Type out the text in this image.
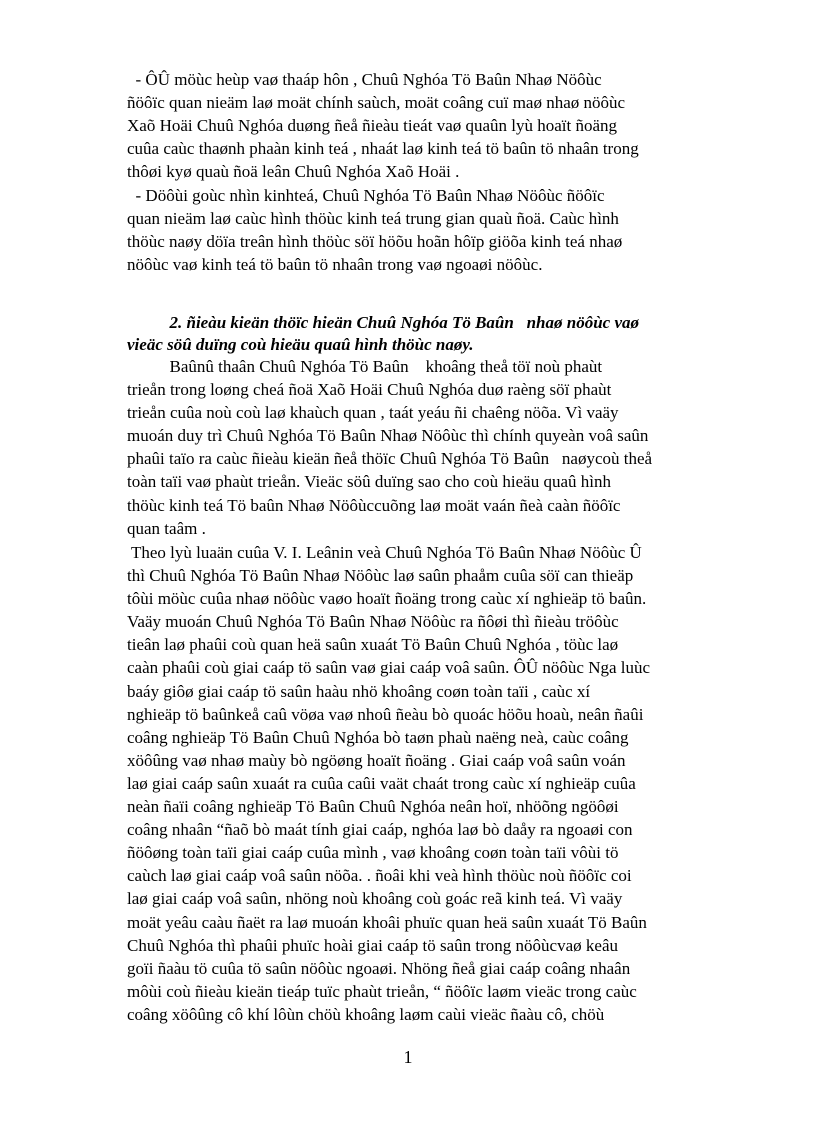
- ÔÛ möùc heùp vaø thaáp hôn , Chuû Nghóa Tö Baûn Nhaø Nöôùc
ñöôïc quan nieäm laø moät chính saùch, moät coâng cuï maø nhaø nöôùc
Xaõ Hoäi Chuû Nghóa duøng ñeå ñieàu tieát vaø quaûn lyù hoaït ñoäng
cuûa caùc thaønh phaàn kinh teá , nhaát laø kinh teá tö baûn tö nhaân trong
thôøi kyø quaù ñoä leân Chuû Nghóa Xaõ Hoäi .

- Döôùi goùc nhìn kinhteá, Chuû Nghóa Tö Baûn Nhaø Nöôùc ñöôïc
quan nieäm laø caùc hình thöùc kinh teá trung gian quaù ñoä. Caùc hình
thöùc naøy döïa treân hình thöùc söï höõu hoãn hôïp giöõa kinh teá nhaø
nöôùc vaø kinh teá tö baûn tö nhaân trong vaø ngoaøi nöôùc.

2. ñieàu kieän thöïc hieän Chuû Nghóa Tö Baûn   nhaø nöôùc vaø
vieäc söû duïng coù hieäu quaû hình thöùc naøy.

Baûnû thaân Chuû Nghóa Tö Baûn    khoâng theå töï noù phaùt
trieån trong loøng cheá ñoä Xaõ Hoäi Chuû Nghóa duø raèng söï phaùt
trieån cuûa noù coù laø khaùch quan , taát yeáu ñi chaêng nöõa. Vì vaäy
muoán duy trì Chuû Nghóa Tö Baûn Nhaø Nöôùc thì chính quyeàn voâ saûn
phaûi taïo ra caùc ñieàu kieän ñeå thöïc Chuû Nghóa Tö Baûn   naøycoù theå
toàn taïi vaø phaùt trieån. Vieäc söû duïng sao cho coù hieäu quaû hình
thöùc kinh teá Tö baûn Nhaø Nöôùccuõng laø moät vaán ñeà caàn ñöôïc
quan taâm .

Theo lyù luaän cuûa V. I. Leânin veà Chuû Nghóa Tö Baûn Nhaø Nöôùc Û
thì Chuû Nghóa Tö Baûn Nhaø Nöôùc laø saûn phaåm cuûa söï can thieäp
tôùi möùc cuûa nhaø nöôùc vaøo hoaït ñoäng trong caùc xí nghieäp tö baûn.
Vaäy muoán Chuû Nghóa Tö Baûn Nhaø Nöôùc ra ñôøi thì ñieàu tröôùc
tieân laø phaûi coù quan heä saûn xuaát Tö Baûn Chuû Nghóa , töùc laø
caàn phaûi coù giai caáp tö saûn vaø giai caáp voâ saûn. ÔÛ nöôùc Nga luùc
baáy giôø giai caáp tö saûn haàu nhö khoâng coøn toàn taïi , caùc xí
nghieäp tö baûnkeå caû vöøa vaø nhoû ñeàu bò quoác höõu hoaù, neân ñaûi
coâng nghieäp Tö Baûn Chuû Nghóa bò taøn phaù naëng neà, caùc coâng
xöôûng vaø nhaø maùy bò ngöøng hoaït ñoäng . Giai caáp voâ saûn voán
laø giai caáp saûn xuaát ra cuûa caûi vaät chaát trong caùc xí nghieäp cuûa
neàn ñaïi coâng nghieäp Tö Baûn Chuû Nghóa neân hoï, nhöõng ngöôøi
coâng nhaân “ñaõ bò maát tính giai caáp, nghóa laø bò daåy ra ngoaøi con
ñöôøng toàn taïi giai caáp cuûa mình , vaø khoâng coøn toàn taïi vôùi tö
caùch laø giai caáp voâ saûn nöõa. . ñoâi khi veà hình thöùc noù ñöôïc coi
laø giai caáp voâ saûn, nhöng noù khoâng coù goác reã kinh teá. Vì vaäy
moät yeâu caàu ñaët ra laø muoán khoâi phuïc quan heä saûn xuaát Tö Baûn
Chuû Nghóa thì phaûi phuïc hoài giai caáp tö saûn trong nöôùcvaø keâu
goïi ñaàu tö cuûa tö saûn nöôùc ngoaøi. Nhöng ñeå giai caáp coâng nhaân
môùi coù ñieàu kieän tieáp tuïc phaùt trieån, “ ñöôïc laøm vieäc trong caùc
coâng xöôûng cô khí lôùn chöù khoâng laøm caùi vieäc ñaàu cô, chöù

1
